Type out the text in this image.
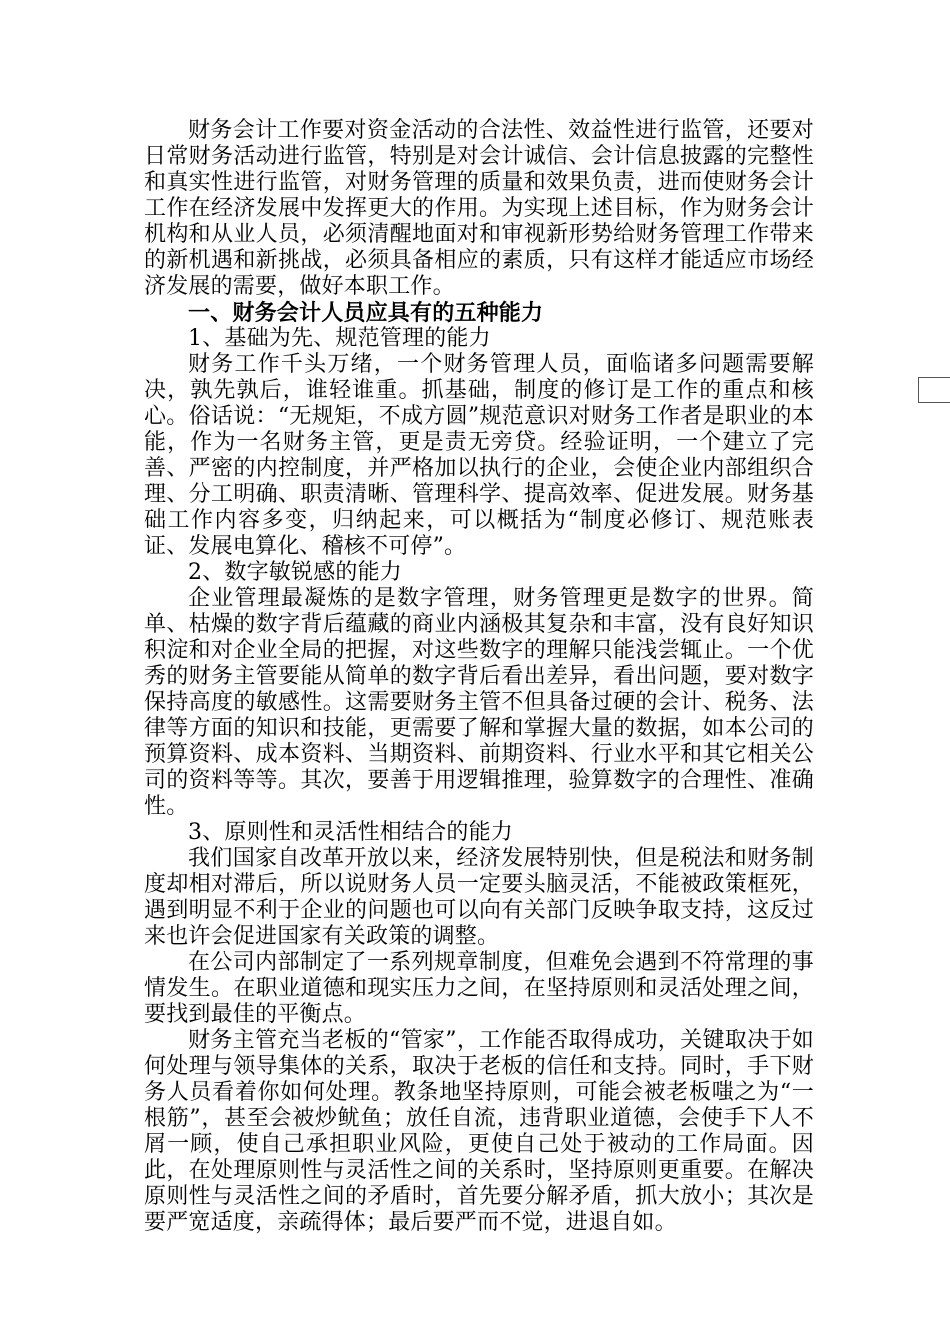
财务会计工作要对资金活动的合法性、效益性进行监管，还要对日常财务活动进行监管，特别是对会计诚信、会计信息披露的完整性和真实性进行监管，对财务管理的质量和效果负责，进而使财务会计工作在经济发展中发挥更大的作用。为实现上述目标，作为财务会计机构和从业人员，必须清醒地面对和审视新形势给财务管理工作带来的新机遇和新挑战，必须具备相应的素质，只有这样才能适应市场经济发展的需要，做好本职工作。

一、财务会计人员应具有的五种能力

1、基础为先、规范管理的能力

财务工作千头万绪，一个财务管理人员，面临诸多问题需要解决，孰先孰后，谁轻谁重。抓基础，制度的修订是工作的重点和核心。俗话说：“无规矩，不成方圆”规范意识对财务工作者是职业的本能，作为一名财务主管，更是责无旁贷。经验证明，一个建立了完善、严密的内控制度，并严格加以执行的企业，会使企业内部组织合理、分工明确、职责清晰、管理科学、提高效率、促进发展。财务基础工作内容多变，归纳起来，可以概括为“制度必修订、规范账表证、发展电算化、稽核不可停”。

2、数字敏锐感的能力

企业管理最凝炼的是数字管理，财务管理更是数字的世界。简单、枯燥的数字背后蕴藏的商业内涵极其复杂和丰富，没有良好知识积淀和对企业全局的把握，对这些数字的理解只能浅尝辄止。一个优秀的财务主管要能从简单的数字背后看出差异，看出问题，要对数字保持高度的敏感性。这需要财务主管不但具备过硬的会计、税务、法律等方面的知识和技能，更需要了解和掌握大量的数据，如本公司的预算资料、成本资料、当期资料、前期资料、行业水平和其它相关公司的资料等等。其次，要善于用逻辑推理，验算数字的合理性、准确性。

3、原则性和灵活性相结合的能力

我们国家自改革开放以来，经济发展特别快，但是税法和财务制度却相对滞后，所以说财务人员一定要头脑灵活，不能被政策框死，遇到明显不利于企业的问题也可以向有关部门反映争取支持，这反过来也许会促进国家有关政策的调整。

在公司内部制定了一系列规章制度，但难免会遇到不符常理的事情发生。在职业道德和现实压力之间，在坚持原则和灵活处理之间，要找到最佳的平衡点。

财务主管充当老板的“管家”，工作能否取得成功，关键取决于如何处理与领导集体的关系，取决于老板的信任和支持。同时，手下财务人员看着你如何处理。教条地坚持原则，可能会被老板嗤之为“一根筋”，甚至会被炒鱿鱼；放任自流，违背职业道德，会使手下人不屑一顾，使自己承担职业风险，更使自己处于被动的工作局面。因此，在处理原则性与灵活性之间的关系时，坚持原则更重要。在解决原则性与灵活性之间的矛盾时，首先要分解矛盾，抓大放小；其次是要严宽适度，亲疏得体；最后要严而不觉，进退自如。
